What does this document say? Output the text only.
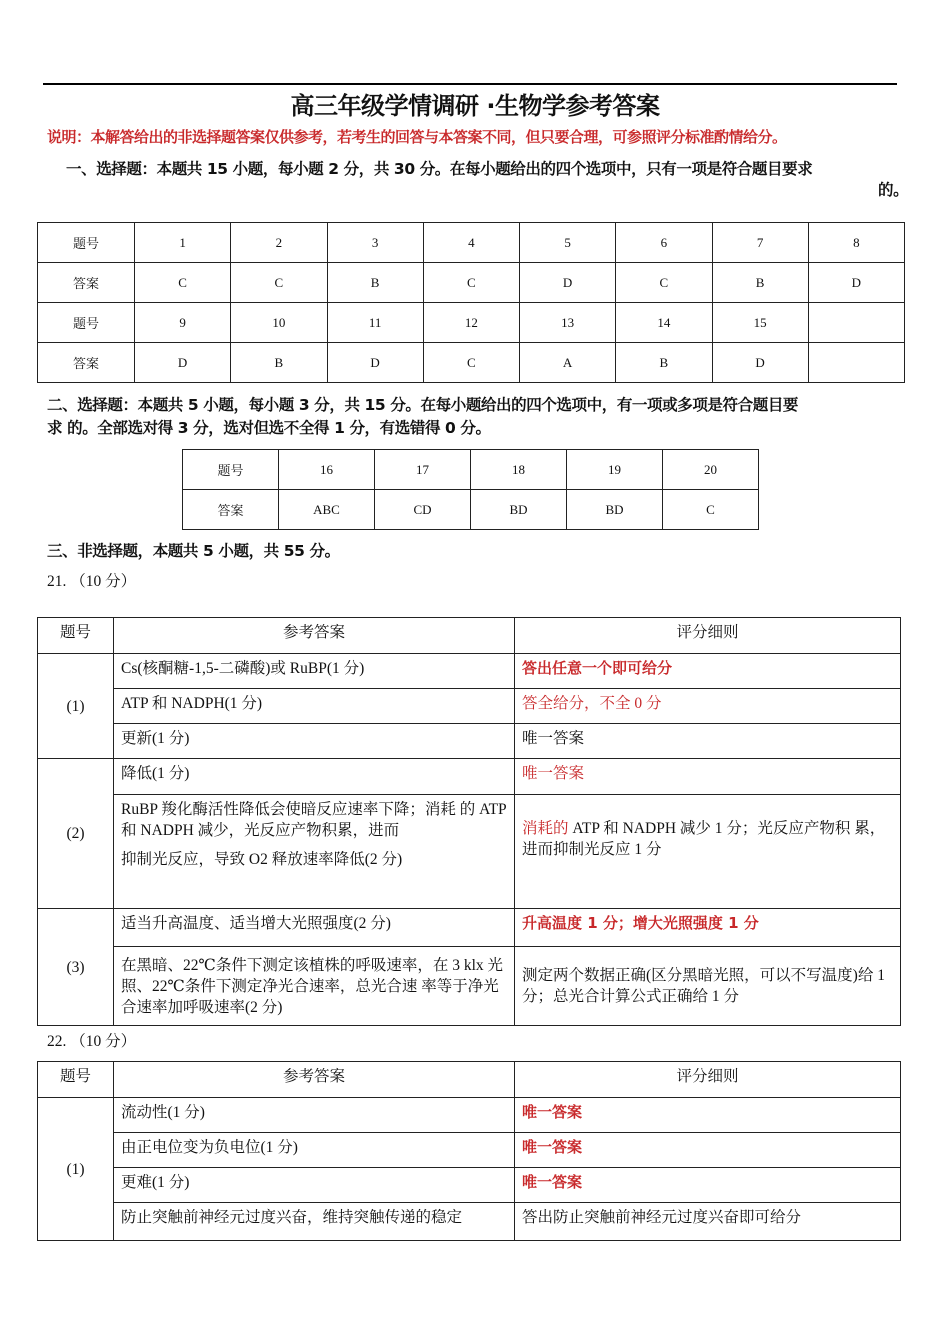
高三年级学情调研 ·生物学参考答案
说明：本解答给出的非选择题答案仅供参考，若考生的回答与本答案不同，但只要合理，可参照评分标准酌情给分。
一、选择题：本题共 15 小题，每小题 2 分，共 30 分。在每小题给出的四个选项中，只有一项是符合题目要求
的。
题号	1	2	3	4	5	6	7	8
答案	C	C	B	C	D	C	B	D
题号	9	10	11	12	13	14	15	
答案	D	B	D	C	A	B	D	
二、选择题：本题共 5 小题，每小题 3 分，共 15 分。在每小题给出的四个选项中，有一项或多项是符合题目要
求 的。全部选对得 3 分，选对但选不全得 1 分，有选错得 0 分。
题号	16	17	18	19	20
答案	ABC	CD	BD	BD	C
三、非选择题，本题共 5 小题，共 55 分。
21. （10 分）
题号	参考答案	评分细则
(1)	Cs(核酮糖-1,5-二磷酸)或 RuBP(1 分)	答出任意一个即可给分

	ATP 和 NADPH(1 分)	答全给分，不全 0 分

	更新(1 分)	唯一答案
(2)	降低(1 分)	唯一答案

	RuBP 羧化酶活性降低会使暗反应速率下降；消耗 的 ATP 和 NADPH 减少，光反应产物积累，进而
抑制光反应，导致 O2 释放速率降低(2 分)	消耗的 ATP 和 NADPH 减少 1 分；光反应产物积 累，进而抑制光反应 1 分
(3)	适当升高温度、适当增大光照强度(2 分)	升高温度 1 分；增大光照强度 1 分

	在黑暗、22℃条件下测定该植株的呼吸速率，在 3 klx 光照、22℃条件下测定净光合速率，总光合速 率等于净光合速率加呼吸速率(2 分)	测定两个数据正确(区分黑暗光照，可以不写温度)给 1 分；总光合计算公式正确给 1 分
22. （10 分）
题号	参考答案	评分细则
(1)	流动性(1 分)	唯一答案

	由正电位变为负电位(1 分)	唯一答案

	更难(1 分)	唯一答案

	防止突触前神经元过度兴奋，维持突触传递的稳定	答出防止突触前神经元过度兴奋即可给分
